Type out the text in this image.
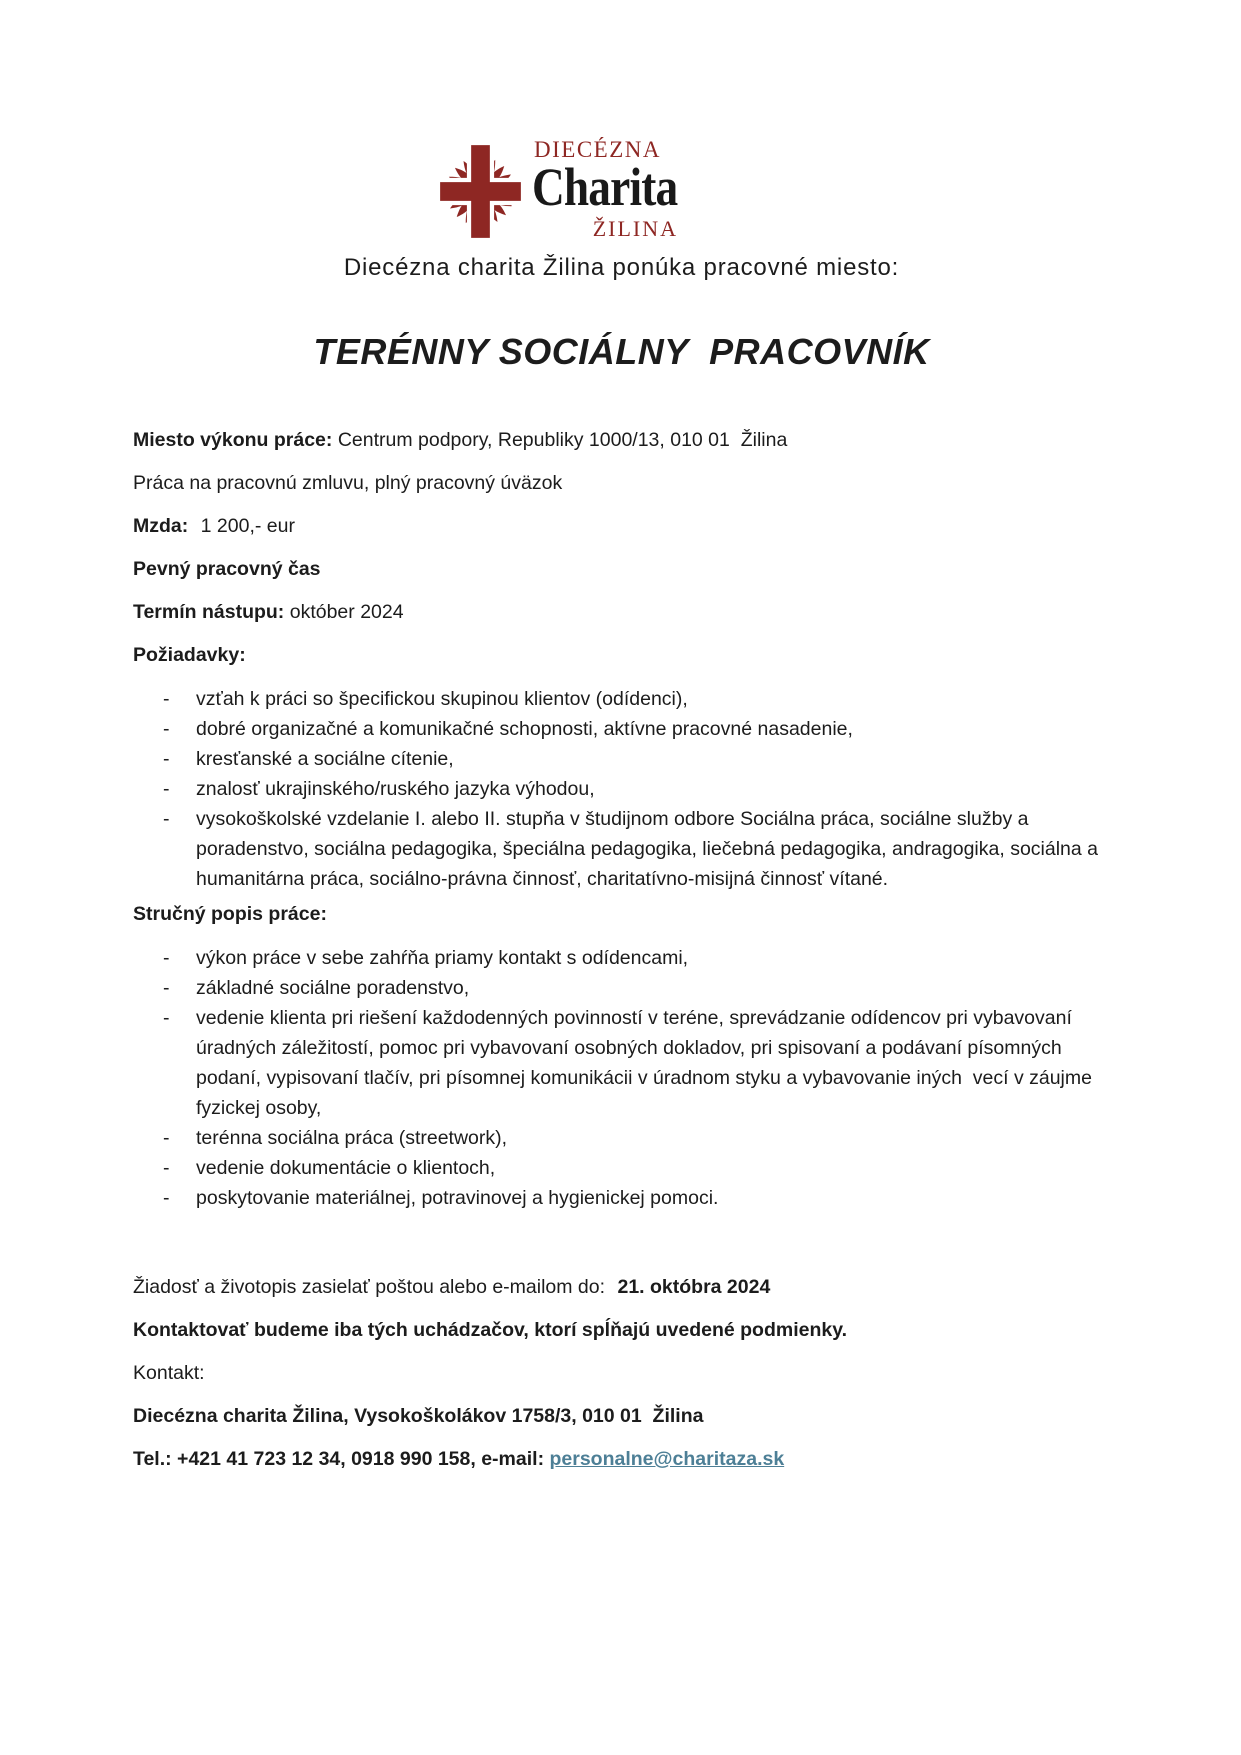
DIECÉZNA
Charita
ŽILINA

Diecézna charita Žilina ponúka pracovné miesto:

TERÉNNY SOCIÁLNY  PRACOVNÍK

Miesto výkonu práce: Centrum podpory, Republiky 1000/13, 010 01  Žilina

Práca na pracovnú zmluvu, plný pracovný úväzok

Mzda: 1 200,- eur

Pevný pracovný čas

Termín nástupu: október 2024

Požiadavky:

- vzťah k práci so špecifickou skupinou klientov (odídenci),
- dobré organizačné a komunikačné schopnosti, aktívne pracovné nasadenie,
- kresťanské a sociálne cítenie,
- znalosť ukrajinského/ruského jazyka výhodou,
- vysokoškolské vzdelanie I. alebo II. stupňa v študijnom odbore Sociálna práca, sociálne služby a poradenstvo, sociálna pedagogika, špeciálna pedagogika, liečebná pedagogika, andragogika, sociálna a humanitárna práca, sociálno-právna činnosť, charitatívno-misijná činnosť vítané.

Stručný popis práce:

- výkon práce v sebe zahŕňa priamy kontakt s odídencami,
- základné sociálne poradenstvo,
- vedenie klienta pri riešení každodenných povinností v teréne, sprevádzanie odídencov pri vybavovaní úradných záležitostí, pomoc pri vybavovaní osobných dokladov, pri spisovaní a podávaní písomných  podaní, vypisovaní tlačív, pri písomnej komunikácii v úradnom styku a vybavovanie iných  vecí v záujme  fyzickej osoby,
- terénna sociálna práca (streetwork),
- vedenie dokumentácie o klientoch,
- poskytovanie materiálnej, potravinovej a hygienickej pomoci.

Žiadosť a životopis zasielať poštou alebo e-mailom do: 21. októbra 2024

Kontaktovať budeme iba tých uchádzačov, ktorí spĺňajú uvedené podmienky.

Kontakt:

Diecézna charita Žilina, Vysokoškolákov 1758/3, 010 01  Žilina

Tel.: +421 41 723 12 34, 0918 990 158, e-mail: personalne@charitaza.sk
